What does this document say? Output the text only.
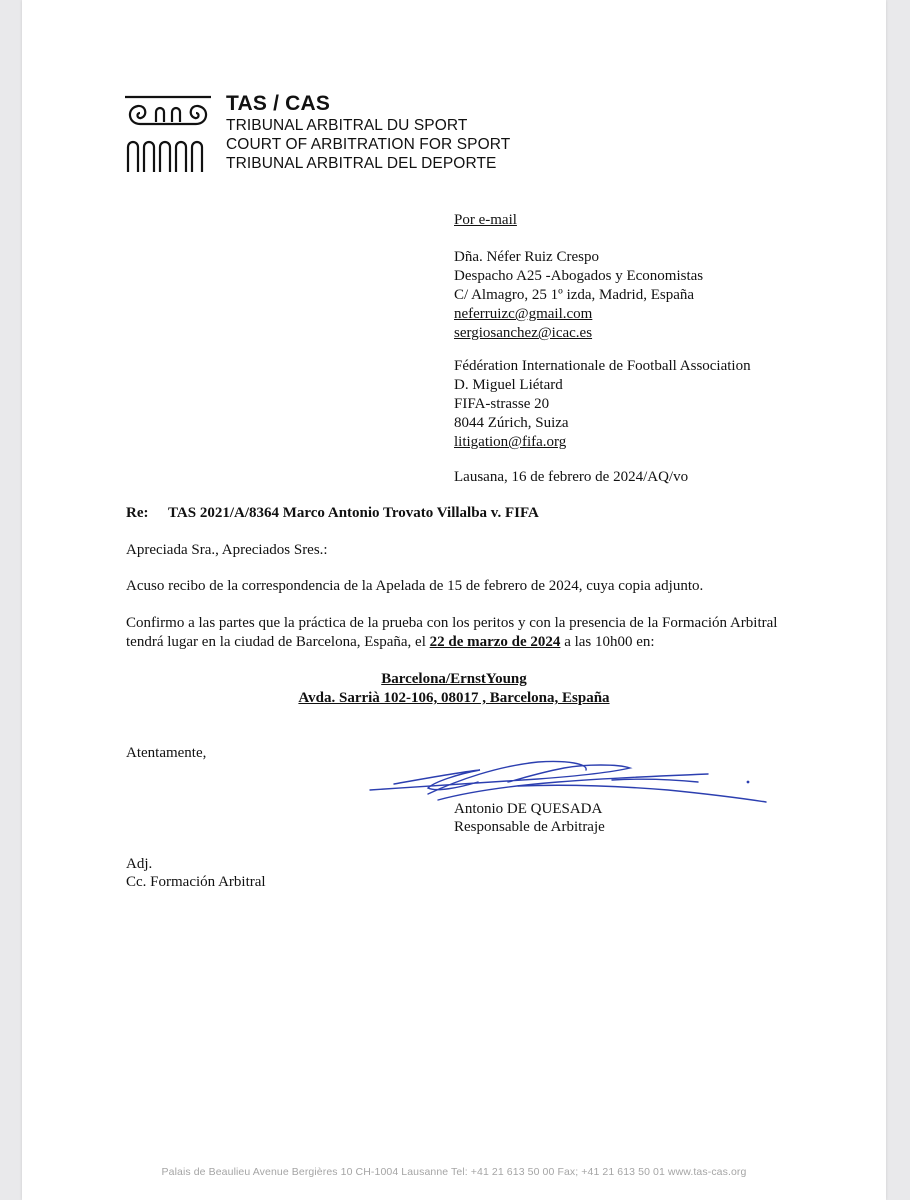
TAS / CAS
TRIBUNAL ARBITRAL DU SPORT
COURT OF ARBITRATION FOR SPORT
TRIBUNAL ARBITRAL DEL DEPORTE
Por e-mail
Dña. Néfer Ruiz Crespo
Despacho A25 -Abogados y Economistas
C/ Almagro, 25 1º izda, Madrid, España
neferruizc@gmail.com
sergiosanchez@icac.es
Fédération Internationale de Football Association
D. Miguel Liétard
FIFA-strasse 20
8044 Zúrich, Suiza
litigation@fifa.org
Lausana, 16 de febrero de 2024/AQ/vo
Re: TAS 2021/A/8364 Marco Antonio Trovato Villalba v. FIFA
Apreciada Sra., Apreciados Sres.:
Acuso recibo de la correspondencia de la Apelada de 15 de febrero de 2024, cuya copia adjunto.
Confirmo a las partes que la práctica de la prueba con los peritos y con la presencia de la Formación Arbitral
tendrá lugar en la ciudad de Barcelona, España, el 22 de marzo de 2024 a las 10h00 en:
Barcelona/ErnstYoung
Avda. Sarrià 102-106, 08017 , Barcelona, España
Atentamente,
Antonio DE QUESADA
Responsable de Arbitraje
Adj.
Cc. Formación Arbitral
Palais de Beaulieu Avenue Bergières 10 CH-1004 Lausanne Tel: +41 21 613 50 00 Fax; +41 21 613 50 01 www.tas-cas.org
